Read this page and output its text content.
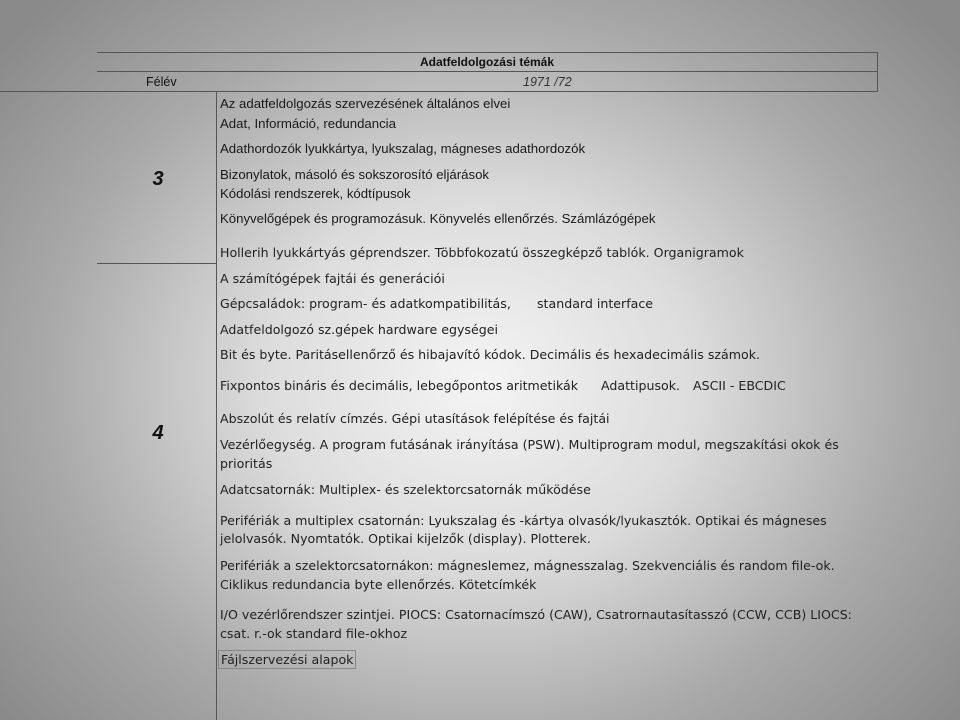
Adatfeldolgozási témák
Félév	1971 /72
3
4
Az adatfeldolgozás szervezésének általános elvei
Adat, Információ, redundancia
Adathordozók lyukkártya, lyukszalag, mágneses adathordozók
Bizonylatok, másoló és sokszorosító eljárások
Kódolási rendszerek, kódtípusok
Könyvelőgépek és programozásuk. Könyvelés ellenőrzés. Számlázógépek
Hollerih lyukkártyás géprendszer. Többfokozatú összegképző tablók. Organigramok
A számítógépek fajtái és generációi
Gépcsaládok: program- és adatkompatibilitás, standard interface
Adatfeldolgozó sz.gépek hardware egységei
Bit és byte. Paritásellenőrző és hibajavító kódok. Decimális és hexadecimális számok.
Fixpontos bináris és decimális, lebegőpontos aritmetikák Adattipusok. ASCII - EBCDIC
Abszolút és relatív címzés. Gépi utasítások felépítése és fajtái
Vezérlőegység. A program futásának irányítása (PSW). Multiprogram modul, megszakítási okok és
prioritás
Adatcsatornák: Multiplex- és szelektorcsatornák működése
Perifériák a multiplex csatornán: Lyukszalag és -kártya olvasók/lyukasztók. Optikai és mágneses
jelolvasók. Nyomtatók. Optikai kijelzők (display). Plotterek.
Perifériák a szelektorcsatornákon: mágneslemez, mágnesszalag. Szekvenciális és random file-ok.
Ciklikus redundancia byte ellenőrzés. Kötetcímkék
I/O vezérlőrendszer szintjei. PIOCS: Csatornacímszó (CAW), Csatrornautasítasszó (CCW, CCB) LIOCS:
csat. r.-ok standard file-okhoz
Fájlszervezési alapok
